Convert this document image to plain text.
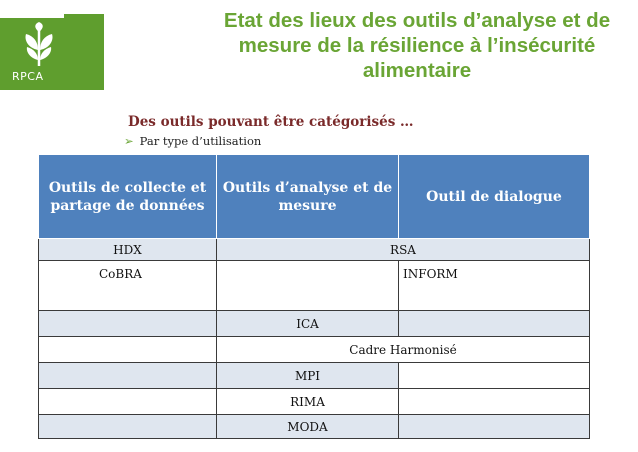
RPCA
Etat des lieux des outils d’analyse et de mesure de la résilience à l’insécurité alimentaire
Des outils pouvant être catégorisés …
➢ Par type d’utilisation
Outils de collecte et partage de données	Outils d’analyse et de mesure	Outil de dialogue
HDX	RSA	
CoBRA		INFORM
	ICA	
	Cadre Harmonisé	
	MPI	
	RIMA	
	MODA	
